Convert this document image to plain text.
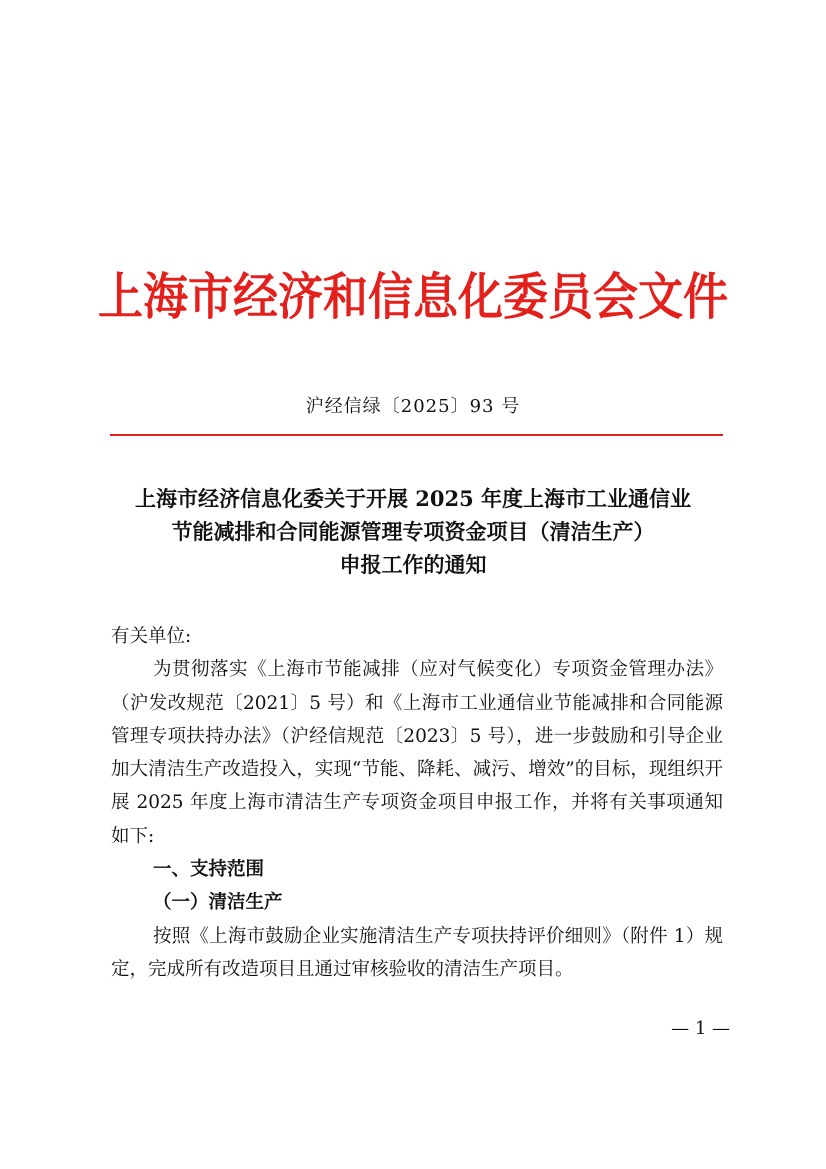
上海市经济和信息化委员会文件
沪经信绿〔2025〕93 号
上海市经济信息化委关于开展 2025 年度上海市工业通信业
节能减排和合同能源管理专项资金项目（清洁生产）
申报工作的通知

有关单位:

为贯彻落实《上海市节能减排（应对气候变化）专项资金管理办法》（沪发改规范〔2021〕5 号）和《上海市工业通信业节能减排和合同能源管理专项扶持办法》（沪经信规范〔2023〕5 号），进一步鼓励和引导企业加大清洁生产改造投入，实现“节能、降耗、减污、增效”的目标，现组织开展 2025 年度上海市清洁生产专项资金项目申报工作，并将有关事项通知如下:

一、支持范围

（一）清洁生产

按照《上海市鼓励企业实施清洁生产专项扶持评价细则》（附件 1）规定，完成所有改造项目且通过审核验收的清洁生产项目。

— 1 —
